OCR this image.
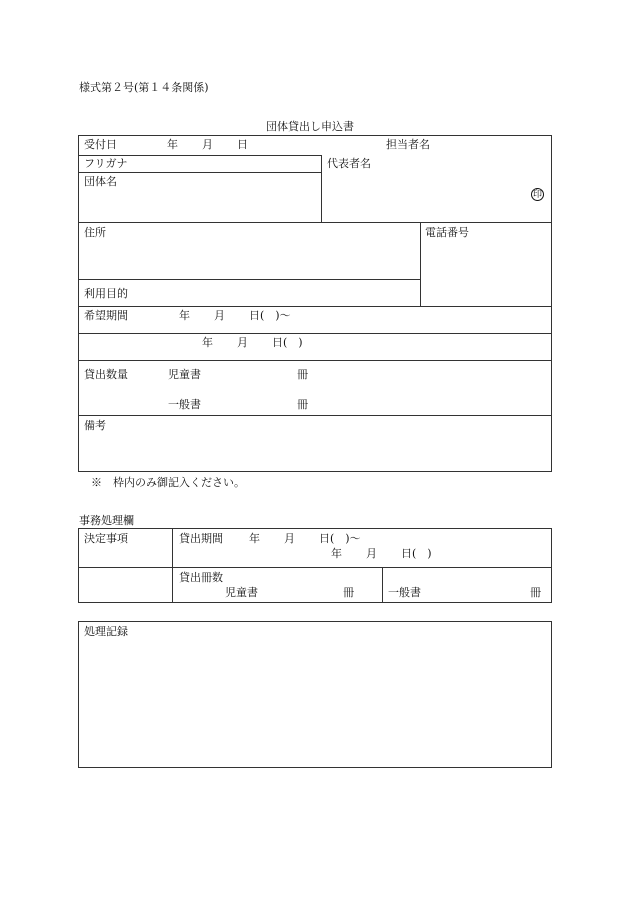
様式第２号(第１４条関係)
団体貸出し申込書
受付日	年 月 日	担当者名
フリガナ
団体名
代表者名
印
住所	電話番号
利用目的
希望期間	年 月 日(　)～
年 月 日(　)
貸出数量	児童書	冊
一般書	冊
備考
※　枠内のみ御記入ください。
事務処理欄
決定事項	貸出期間 年 月 日(　)～
年 月 日(　)
貸出冊数
児童書	冊	一般書	冊
処理記録
